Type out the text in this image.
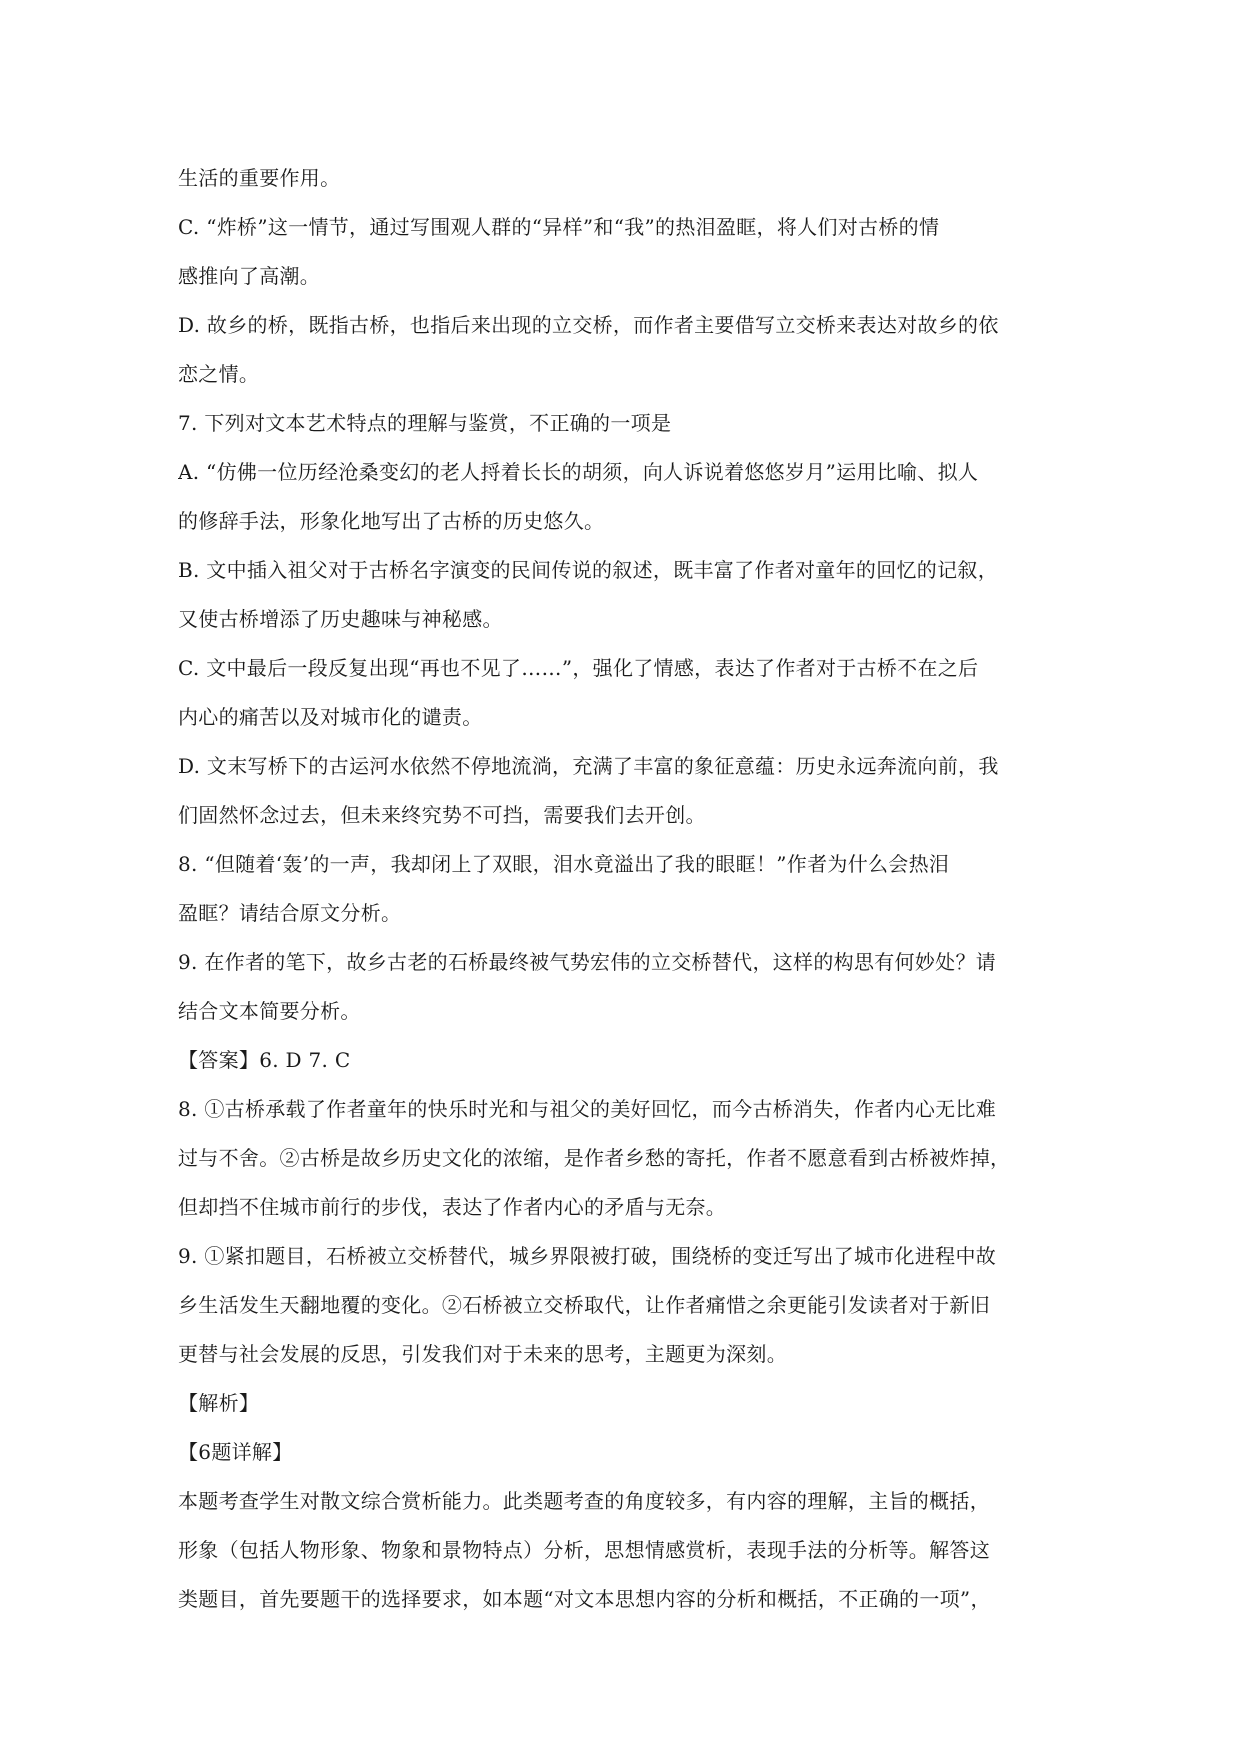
生活的重要作用。
C. “炸桥”这一情节，通过写围观人群的“异样”和“我”的热泪盈眶，将人们对古桥的情
感推向了高潮。
D. 故乡的桥，既指古桥，也指后来出现的立交桥，而作者主要借写立交桥来表达对故乡的依
恋之情。
7. 下列对文本艺术特点的理解与鉴赏，不正确的一项是
A. “仿佛一位历经沧桑变幻的老人捋着长长的胡须，向人诉说着悠悠岁月”运用比喻、拟人
的修辞手法，形象化地写出了古桥的历史悠久。
B. 文中插入祖父对于古桥名字演变的民间传说的叙述，既丰富了作者对童年的回忆的记叙，
又使古桥增添了历史趣味与神秘感。
C. 文中最后一段反复出现“再也不见了……”，强化了情感，表达了作者对于古桥不在之后
内心的痛苦以及对城市化的谴责。
D. 文末写桥下的古运河水依然不停地流淌，充满了丰富的象征意蕴：历史永远奔流向前，我
们固然怀念过去，但未来终究势不可挡，需要我们去开创。
8. “但随着‘轰’的一声，我却闭上了双眼，泪水竟溢出了我的眼眶！”作者为什么会热泪
盈眶？请结合原文分析。
9. 在作者的笔下，故乡古老的石桥最终被气势宏伟的立交桥替代，这样的构思有何妙处？请
结合文本简要分析。
【答案】6. D 7. C
8. ①古桥承载了作者童年的快乐时光和与祖父的美好回忆，而今古桥消失，作者内心无比难
过与不舍。②古桥是故乡历史文化的浓缩，是作者乡愁的寄托，作者不愿意看到古桥被炸掉，
但却挡不住城市前行的步伐，表达了作者内心的矛盾与无奈。
9. ①紧扣题目，石桥被立交桥替代，城乡界限被打破，围绕桥的变迁写出了城市化进程中故
乡生活发生天翻地覆的变化。②石桥被立交桥取代，让作者痛惜之余更能引发读者对于新旧
更替与社会发展的反思，引发我们对于未来的思考，主题更为深刻。
【解析】
【6题详解】
本题考查学生对散文综合赏析能力。此类题考查的角度较多，有内容的理解，主旨的概括，
形象（包括人物形象、物象和景物特点）分析，思想情感赏析，表现手法的分析等。解答这
类题目，首先要题干的选择要求，如本题“对文本思想内容的分析和概括，不正确的一项”，
